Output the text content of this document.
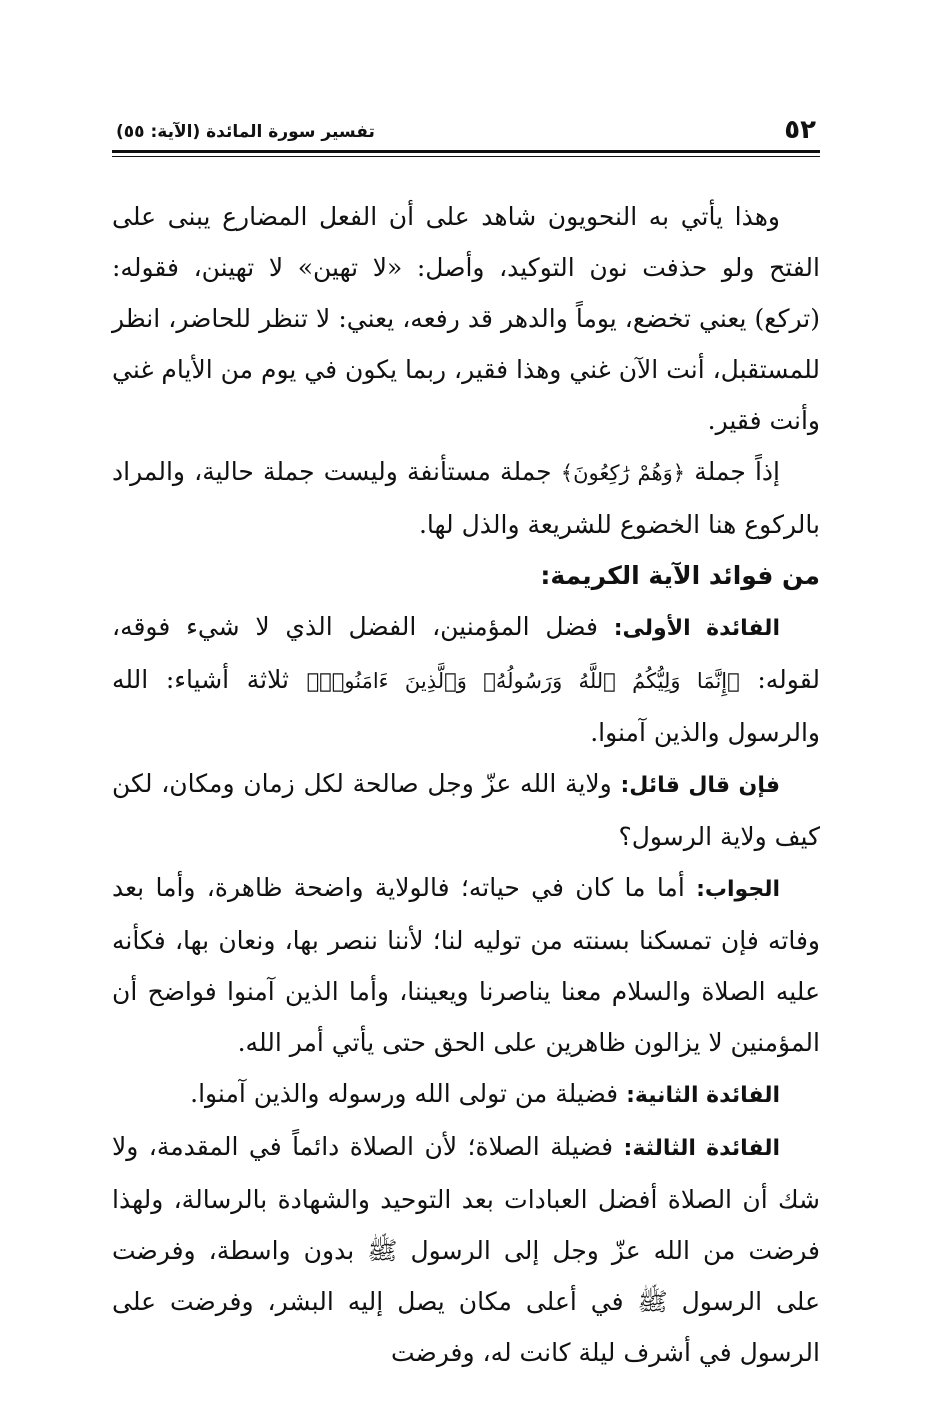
٥٢
تفسير سورة المائدة (الآية: ٥٥)

وهذا يأتي به النحويون شاهد على أن الفعل المضارع يبنى على الفتح ولو حذفت نون التوكيد، وأصل: «لا تهين» لا تهينن، فقوله: (تركع) يعني تخضع، يوماً والدهر قد رفعه، يعني: لا تنظر للحاضر، انظر للمستقبل، أنت الآن غني وهذا فقير، ربما يكون في يوم من الأيام غني وأنت فقير.

إذاً جملة ﴿وَهُمْ رَٰكِعُونَ﴾ جملة مستأنفة وليست جملة حالية، والمراد بالركوع هنا الخضوع للشريعة والذل لها.

من فوائد الآية الكريمة:

الفائدة الأولى: فضل المؤمنين، الفضل الذي لا شيء فوقه، لقوله: ﴿إِنَّمَا وَلِيُّكُمُ ٱللَّهُ وَرَسُولُهُۥ وَٱلَّذِينَ ءَامَنُوا۟﴾ ثلاثة أشياء: الله والرسول والذين آمنوا.

فإن قال قائل: ولاية الله عزّ وجل صالحة لكل زمان ومكان، لكن كيف ولاية الرسول؟

الجواب: أما ما كان في حياته؛ فالولاية واضحة ظاهرة، وأما بعد وفاته فإن تمسكنا بسنته من توليه لنا؛ لأننا ننصر بها، ونعان بها، فكأنه عليه الصلاة والسلام معنا يناصرنا ويعيننا، وأما الذين آمنوا فواضح أن المؤمنين لا يزالون ظاهرين على الحق حتى يأتي أمر الله.

الفائدة الثانية: فضيلة من تولى الله ورسوله والذين آمنوا.

الفائدة الثالثة: فضيلة الصلاة؛ لأن الصلاة دائماً في المقدمة، ولا شك أن الصلاة أفضل العبادات بعد التوحيد والشهادة بالرسالة، ولهذا فرضت من الله عزّ وجل إلى الرسول ﷺ بدون واسطة، وفرضت على الرسول ﷺ في أعلى مكان يصل إليه البشر، وفرضت على الرسول في أشرف ليلة كانت له، وفرضت
